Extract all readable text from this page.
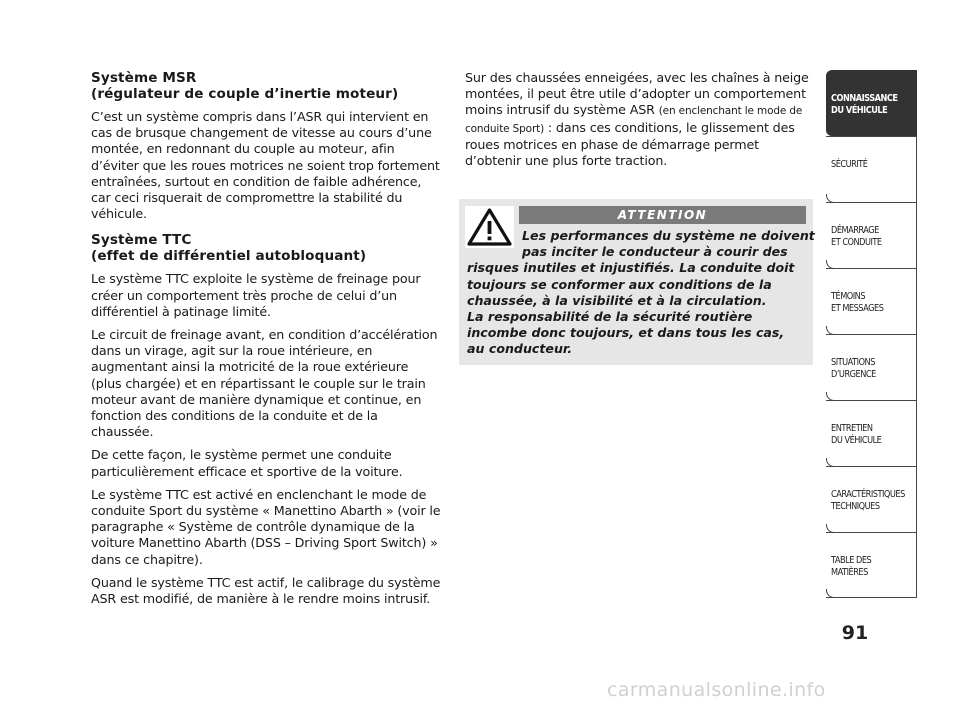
Système MSR
(régulateur de couple d’inertie moteur)

C’est un système compris dans l’ASR qui intervient en cas de brusque changement de vitesse au cours d’une montée, en redonnant du couple au moteur, afin d’éviter que les roues motrices ne soient trop fortement entraînées, surtout en condition de faible adhérence, car ceci risquerait de compromettre la stabilité du véhicule.

Système TTC
(effet de différentiel autobloquant)

Le système TTC exploite le système de freinage pour créer un comportement très proche de celui d’un différentiel à patinage limité.

Le circuit de freinage avant, en condition d’accélération dans un virage, agit sur la roue intérieure, en augmentant ainsi la motricité de la roue extérieure (plus chargée) et en répartissant le couple sur le train moteur avant de manière dynamique et continue, en fonction des conditions de la conduite et de la chaussée.

De cette façon, le système permet une conduite particulièrement efficace et sportive de la voiture.

Le système TTC est activé en enclenchant le mode de conduite Sport du système « Manettino Abarth » (voir le paragraphe « Système de contrôle dynamique de la voiture Manettino Abarth (DSS – Driving Sport Switch) » dans ce chapitre).

Quand le système TTC est actif, le calibrage du système ASR est modifié, de manière à le rendre moins intrusif.

Sur des chaussées enneigées, avec les chaînes à neige montées, il peut être utile d’adopter un comportement moins intrusif du système ASR (en enclenchant le mode de conduite Sport) : dans ces conditions, le glissement des roues motrices en phase de démarrage permet d’obtenir une plus forte traction.

ATTENTION
Les performances du système ne doivent
pas inciter le conducteur à courir des
risques inutiles et injustifiés. La conduite doit
toujours se conformer aux conditions de la
chaussée, à la visibilité et à la circulation.
La responsabilité de la sécurité routière
incombe donc toujours, et dans tous les cas,
au conducteur.
CONNAISSANCE
DU VÉHICULE
SÉCURITÉ
DÉMARRAGE
ET CONDUITE
TÉMOINS
ET MESSAGES
SITUATIONS
D’URGENCE
ENTRETIEN
DU VÉHICULE
CARACTÉRISTIQUES
TECHNIQUES
TABLE DES
MATIÈRES
91
carmanualsonline.info
